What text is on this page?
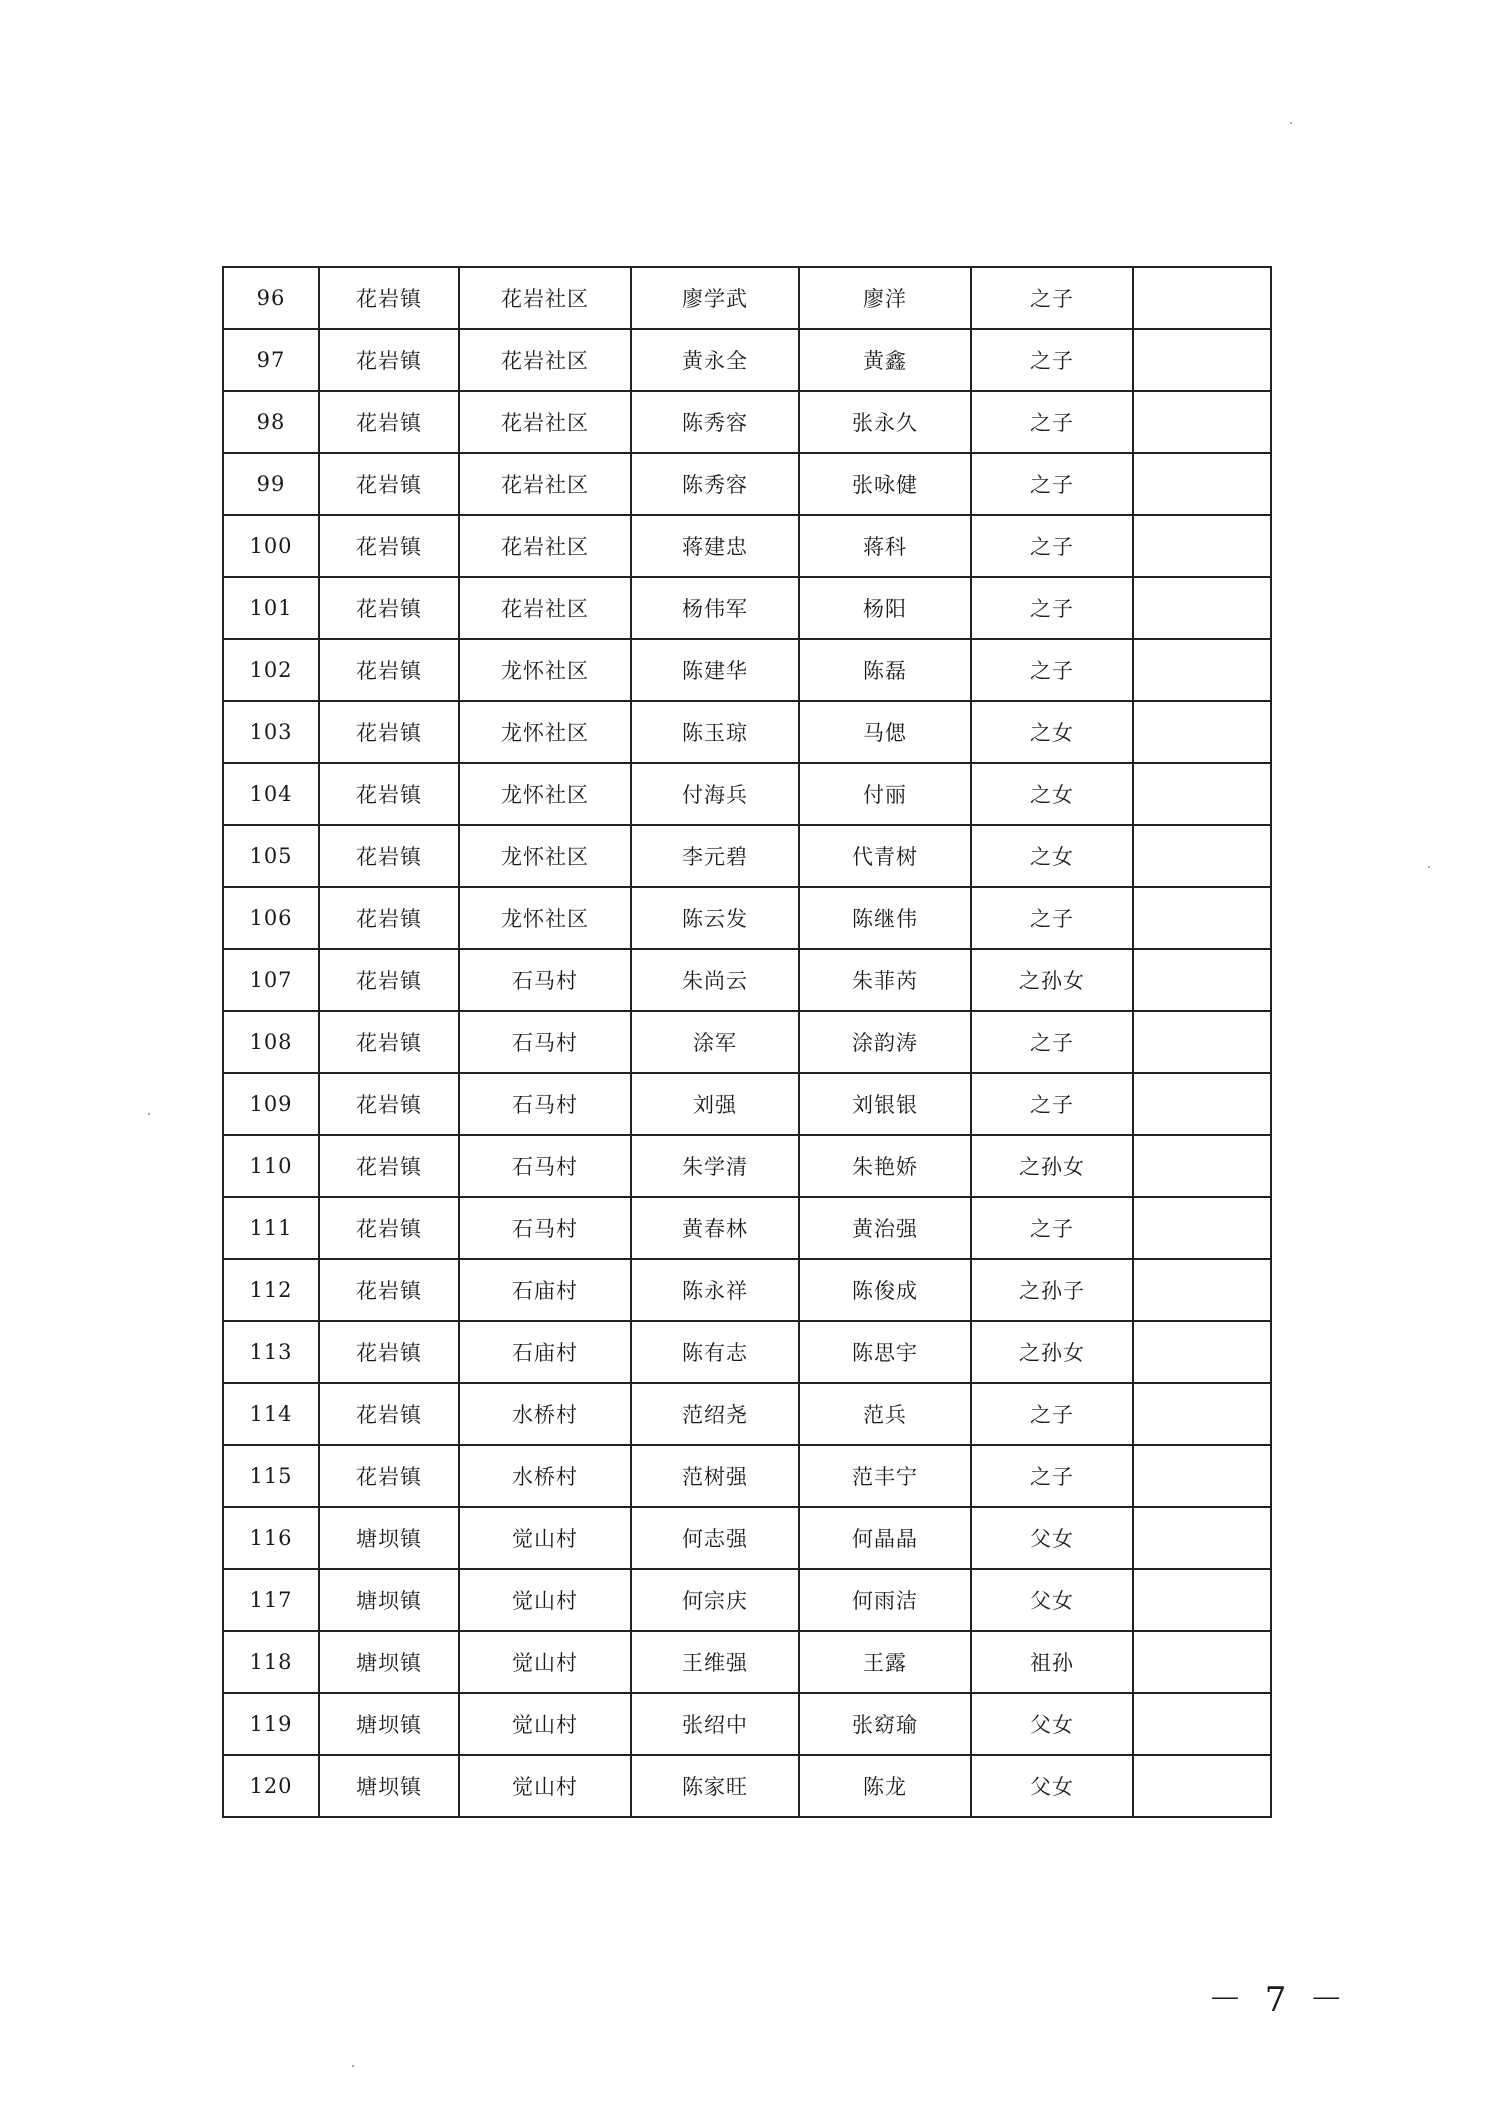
96	花岩镇	花岩社区	廖学武	廖洋	之子	
97	花岩镇	花岩社区	黄永全	黄鑫	之子	
98	花岩镇	花岩社区	陈秀容	张永久	之子	
99	花岩镇	花岩社区	陈秀容	张咏健	之子	
100	花岩镇	花岩社区	蒋建忠	蒋科	之子	
101	花岩镇	花岩社区	杨伟军	杨阳	之子	
102	花岩镇	龙怀社区	陈建华	陈磊	之子	
103	花岩镇	龙怀社区	陈玉琼	马偲	之女	
104	花岩镇	龙怀社区	付海兵	付丽	之女	
105	花岩镇	龙怀社区	李元碧	代青树	之女	
106	花岩镇	龙怀社区	陈云发	陈继伟	之子	
107	花岩镇	石马村	朱尚云	朱菲芮	之孙女	
108	花岩镇	石马村	涂军	涂韵涛	之子	
109	花岩镇	石马村	刘强	刘银银	之子	
110	花岩镇	石马村	朱学清	朱艳娇	之孙女	
111	花岩镇	石马村	黄春林	黄治强	之子	
112	花岩镇	石庙村	陈永祥	陈俊成	之孙子	
113	花岩镇	石庙村	陈有志	陈思宇	之孙女	
114	花岩镇	水桥村	范绍尧	范兵	之子	
115	花岩镇	水桥村	范树强	范丰宁	之子	
116	塘坝镇	觉山村	何志强	何晶晶	父女	
117	塘坝镇	觉山村	何宗庆	何雨洁	父女	
118	塘坝镇	觉山村	王维强	王露	祖孙	
119	塘坝镇	觉山村	张绍中	张窈瑜	父女	
120	塘坝镇	觉山村	陈家旺	陈龙	父女	
－ 7 －
